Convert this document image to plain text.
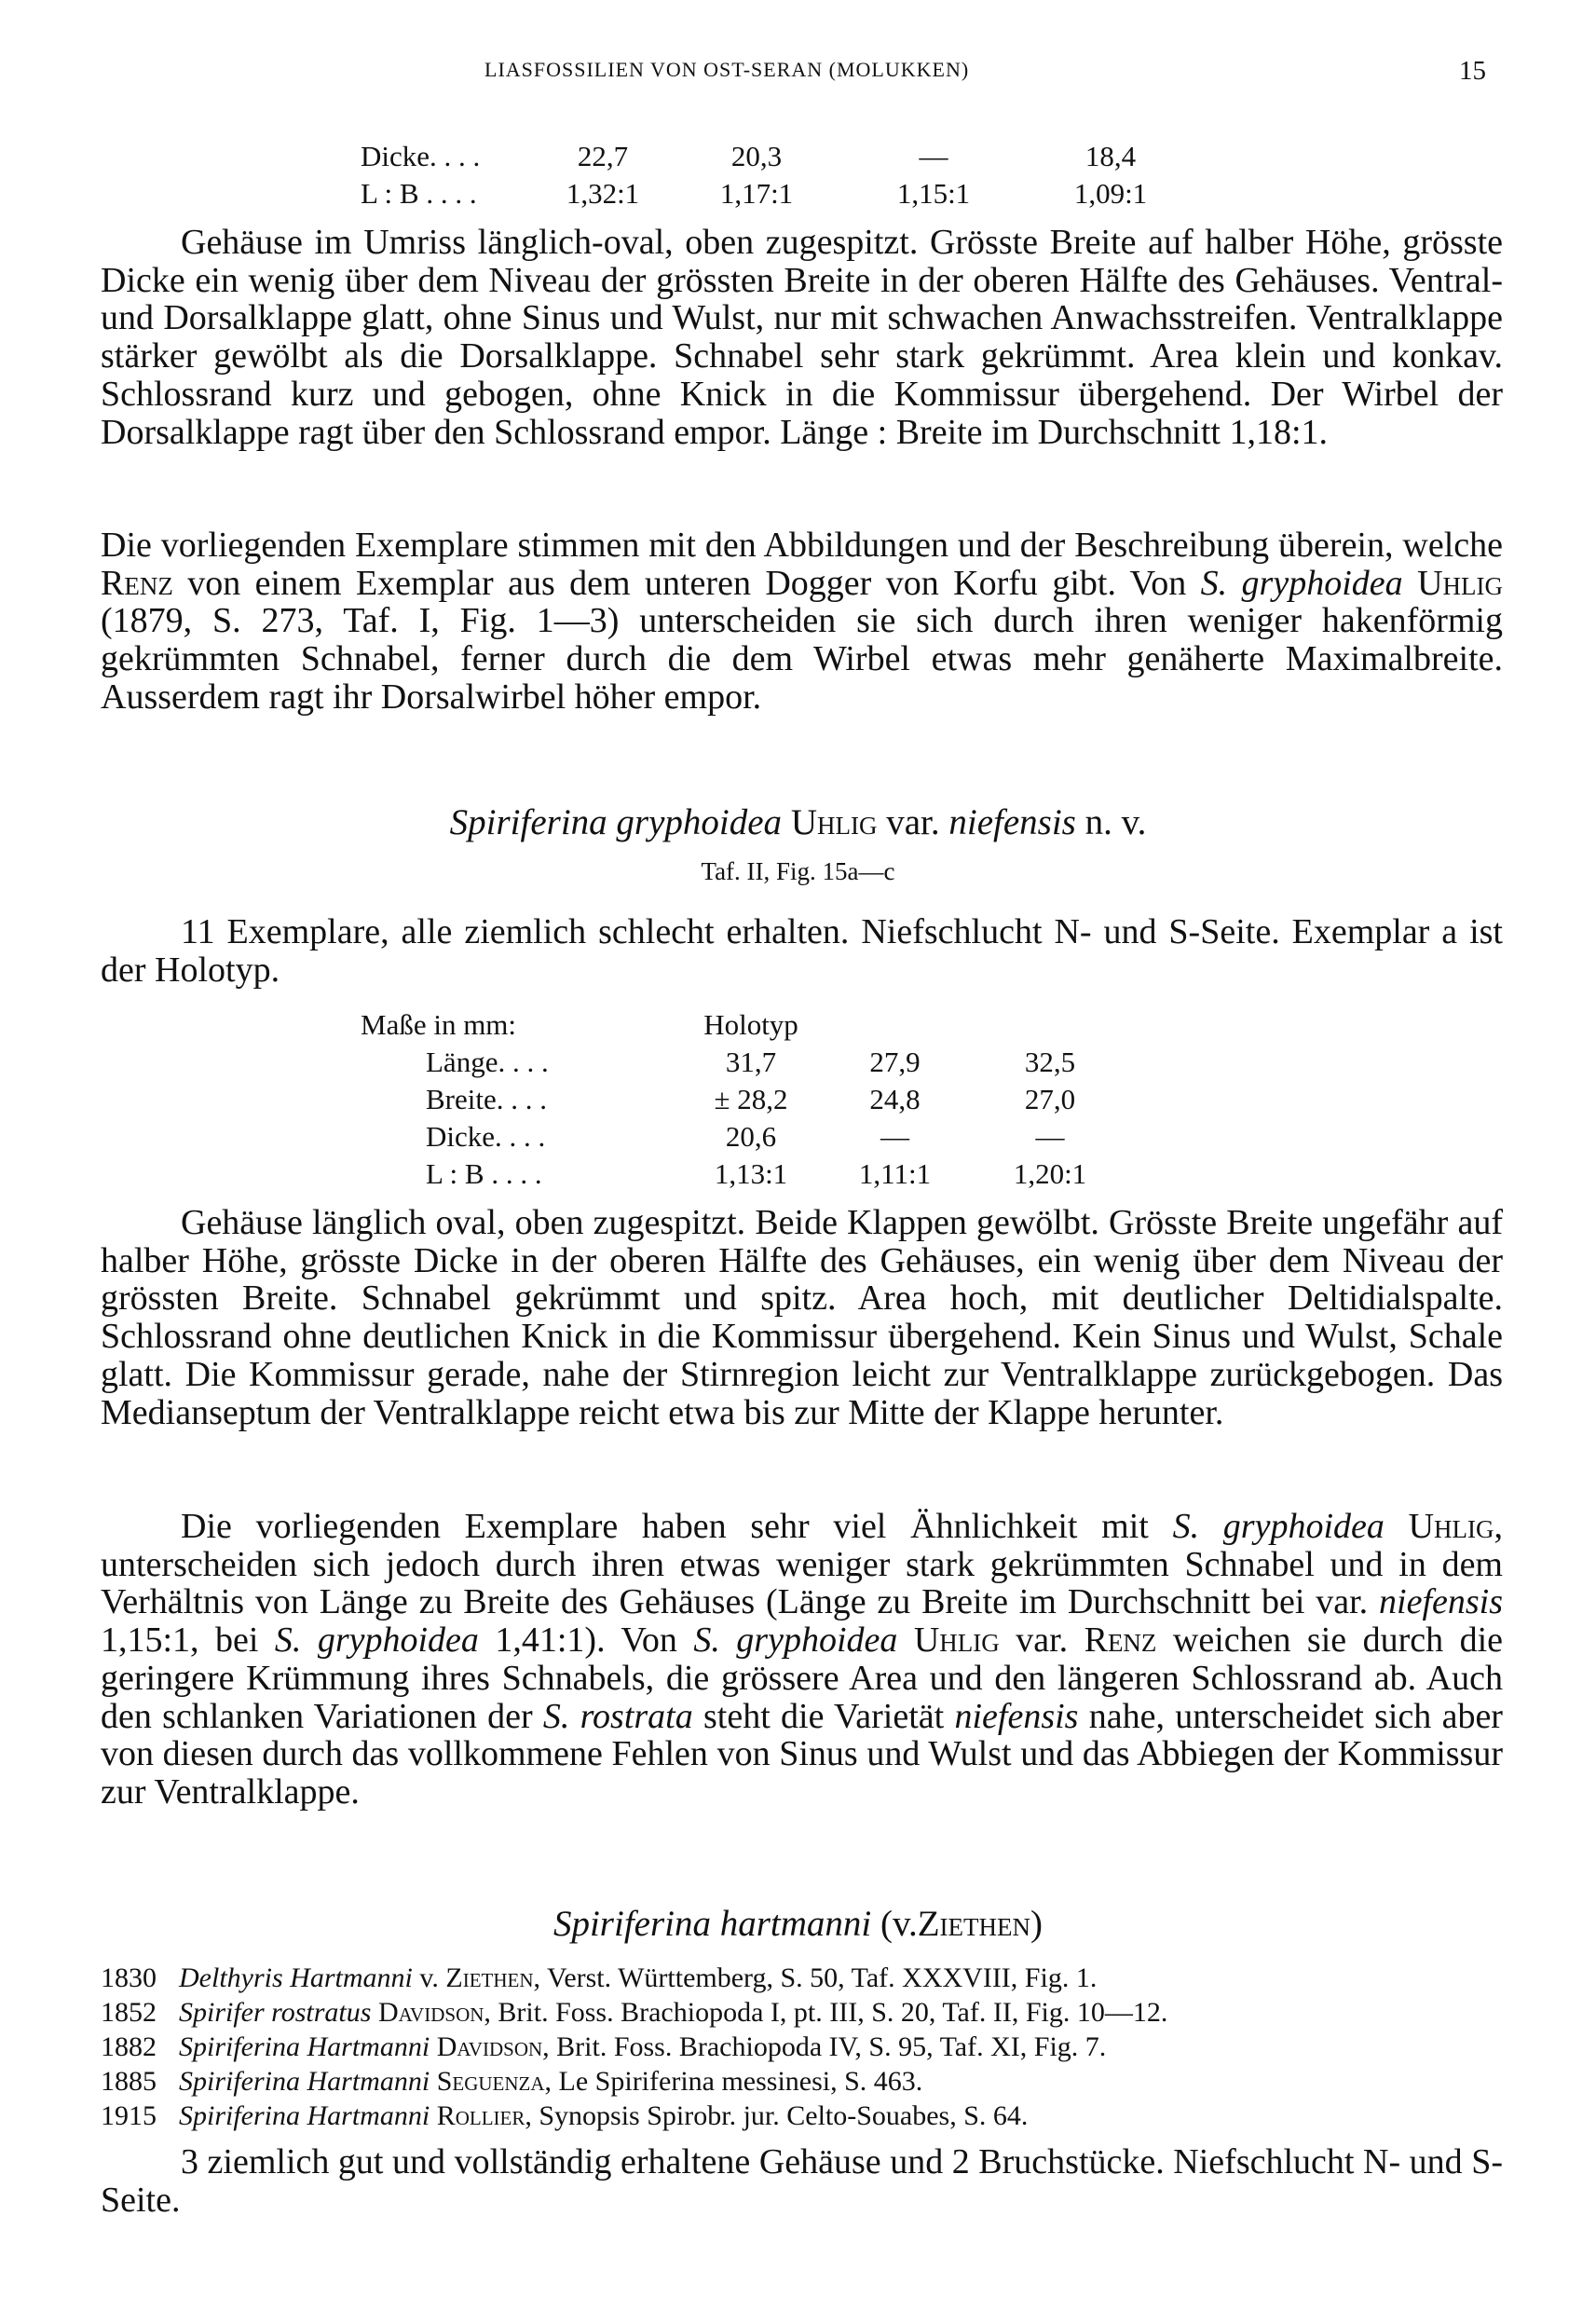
LIASFOSSILIEN VON OST-SERAN (MOLUKKEN)	15
Dicke. . . .	22,7	20,3	—	18,4
L : B . . . .	1,32:1	1,17:1	1,15:1	1,09:1

Gehäuse im Umriss länglich-oval, oben zugespitzt. Grösste Breite auf halber Höhe, grösste Dicke ein wenig über dem Niveau der grössten Breite in der oberen Hälfte des Gehäuses. Ventral- und Dorsalklappe glatt, ohne Sinus und Wulst, nur mit schwachen Anwachsstreifen. Ventralklappe stärker gewölbt als die Dorsalklappe. Schnabel sehr stark gekrümmt. Area klein und konkav. Schlossrand kurz und gebogen, ohne Knick in die Kommissur übergehend. Der Wirbel der Dorsalklappe ragt über den Schlossrand empor. Länge : Breite im Durchschnitt 1,18:1.

Die vorliegenden Exemplare stimmen mit den Abbildungen und der Beschreibung überein, welche Renz von einem Exemplar aus dem unteren Dogger von Korfu gibt. Von S. gryphoidea Uhlig (1879, S. 273, Taf. I, Fig. 1—3) unterscheiden sie sich durch ihren weniger hakenförmig gekrümmten Schnabel, ferner durch die dem Wirbel etwas mehr genäherte Maximalbreite. Ausserdem ragt ihr Dorsalwirbel höher empor.

Spiriferina gryphoidea Uhlig var. niefensis n. v.
Taf. II, Fig. 15a—c

11 Exemplare, alle ziemlich schlecht erhalten. Niefschlucht N- und S-Seite. Exemplar a ist der Holotyp.

Maße in mm:	Holotyp		
Länge. . . .	31,7	27,9	32,5
Breite. . . .	± 28,2	24,8	27,0
Dicke. . . .	20,6	—	—
L : B . . . .	1,13:1	1,11:1	1,20:1

Gehäuse länglich oval, oben zugespitzt. Beide Klappen gewölbt. Grösste Breite ungefähr auf halber Höhe, grösste Dicke in der oberen Hälfte des Gehäuses, ein wenig über dem Niveau der grössten Breite. Schnabel gekrümmt und spitz. Area hoch, mit deutlicher Deltidialspalte. Schlossrand ohne deutlichen Knick in die Kommissur übergehend. Kein Sinus und Wulst, Schale glatt. Die Kommissur gerade, nahe der Stirnregion leicht zur Ventralklappe zurückgebogen. Das Medianseptum der Ventralklappe reicht etwa bis zur Mitte der Klappe herunter.

Die vorliegenden Exemplare haben sehr viel Ähnlichkeit mit S. gryphoidea Uhlig, unterscheiden sich jedoch durch ihren etwas weniger stark gekrümmten Schnabel und in dem Verhältnis von Länge zu Breite des Gehäuses (Länge zu Breite im Durchschnitt bei var. niefensis 1,15:1, bei S. gryphoidea 1,41:1). Von S. gryphoidea Uhlig var. Renz weichen sie durch die geringere Krümmung ihres Schnabels, die grössere Area und den längeren Schlossrand ab. Auch den schlanken Variationen der S. rostrata steht die Varietät niefensis nahe, unterscheidet sich aber von diesen durch das vollkommene Fehlen von Sinus und Wulst und das Abbiegen der Kommissur zur Ventralklappe.

Spiriferina hartmanni (v.Ziethen)
1830 Delthyris Hartmanni v. Ziethen, Verst. Württemberg, S. 50, Taf. XXXVIII, Fig. 1.
1852 Spirifer rostratus Davidson, Brit. Foss. Brachiopoda I, pt. III, S. 20, Taf. II, Fig. 10—12.
1882 Spiriferina Hartmanni Davidson, Brit. Foss. Brachiopoda IV, S. 95, Taf. XI, Fig. 7.
1885 Spiriferina Hartmanni Seguenza, Le Spiriferina messinesi, S. 463.
1915 Spiriferina Hartmanni Rollier, Synopsis Spirobr. jur. Celto-Souabes, S. 64.

3 ziemlich gut und vollständig erhaltene Gehäuse und 2 Bruchstücke. Niefschlucht N- und S-Seite.
